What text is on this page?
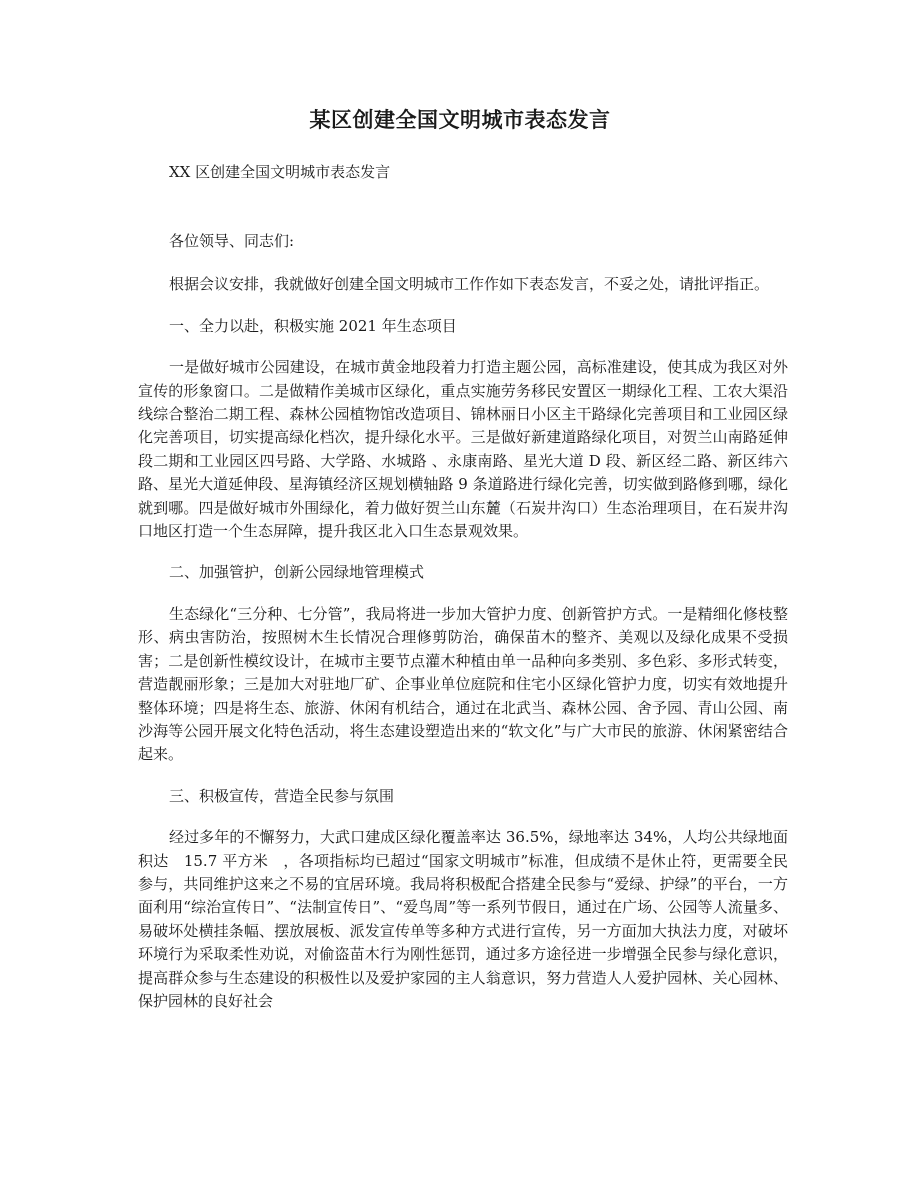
某区创建全国文明城市表态发言
XX 区创建全国文明城市表态发言

各位领导、同志们:

根据会议安排，我就做好创建全国文明城市工作作如下表态发言，不妥之处，请批评指正。

一、全力以赴，积极实施 2021 年生态项目

一是做好城市公园建设，在城市黄金地段着力打造主题公园，高标准建设，使其成为我区对外宣传的形象窗口。二是做精作美城市区绿化，重点实施劳务移民安置区一期绿化工程、工农大渠沿线综合整治二期工程、森林公园植物馆改造项目、锦林丽日小区主干路绿化完善项目和工业园区绿化完善项目，切实提高绿化档次，提升绿化水平。三是做好新建道路绿化项目，对贺兰山南路延伸段二期和工业园区四号路、大学路、水城路 、永康南路、星光大道 D 段、新区经二路、新区纬六路、星光大道延伸段、星海镇经济区规划横轴路 9 条道路进行绿化完善，切实做到路修到哪，绿化就到哪。四是做好城市外围绿化，着力做好贺兰山东麓（石炭井沟口）生态治理项目，在石炭井沟口地区打造一个生态屏障，提升我区北入口生态景观效果。

二、加强管护，创新公园绿地管理模式

生态绿化“三分种、七分管”，我局将进一步加大管护力度、创新管护方式。一是精细化修枝整形、病虫害防治，按照树木生长情况合理修剪防治，确保苗木的整齐、美观以及绿化成果不受损害；二是创新性模纹设计，在城市主要节点灌木种植由单一品种向多类别、多色彩、多形式转变，营造靓丽形象；三是加大对驻地厂矿、企事业单位庭院和住宅小区绿化管护力度，切实有效地提升整体环境；四是将生态、旅游、休闲有机结合，通过在北武当、森林公园、舍予园、青山公园、南沙海等公园开展文化特色活动，将生态建设塑造出来的“软文化”与广大市民的旅游、休闲紧密结合起来。

三、积极宣传，营造全民参与氛围

经过多年的不懈努力，大武口建成区绿化覆盖率达 36.5%，绿地率达 34%，人均公共绿地面积达　15.7 平方米　，各项指标均已超过“国家文明城市”标准，但成绩不是休止符，更需要全民参与，共同维护这来之不易的宜居环境。我局将积极配合搭建全民参与“爱绿、护绿”的平台，一方面利用“综治宣传日”、“法制宣传日”、“爱鸟周”等一系列节假日，通过在广场、公园等人流量多、易破坏处横挂条幅、摆放展板、派发宣传单等多种方式进行宣传，另一方面加大执法力度，对破坏环境行为采取柔性劝说，对偷盗苗木行为刚性惩罚，通过多方途径进一步增强全民参与绿化意识，提高群众参与生态建设的积极性以及爱护家园的主人翁意识，努力营造人人爱护园林、关心园林、保护园林的良好社会
